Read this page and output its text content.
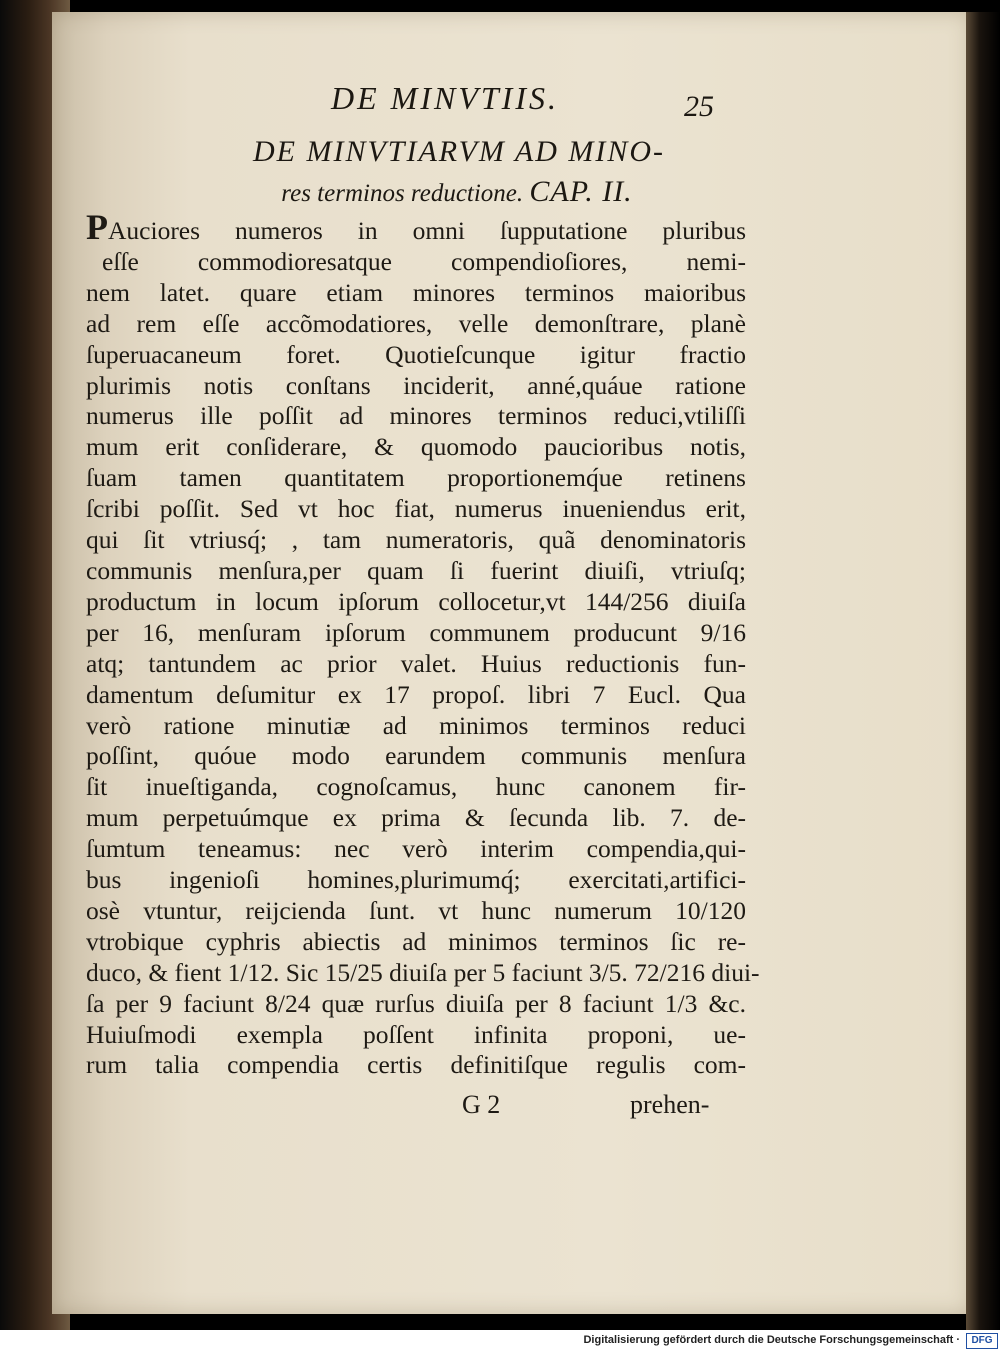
DE MINVTIIS.	25
DE MINVTIARVM AD MINO-
res terminos reductione. CAP. II.
PAuciores numeros in omni ſupputatione pluribus
eſſe commodioresatque compendioſiores, nemi-
nem latet. quare etiam minores terminos maioribus
ad rem eſſe accõmodatiores, velle demonſtrare, planè
ſuperuacaneum foret. Quotieſcunque igitur fractio
plurimis notis conſtans inciderit, anné,quáue ratione
numerus ille poſſit ad minores terminos reduci,vtiliſſi
mum erit conſiderare, & quomodo paucioribus notis,
ſuam tamen quantitatem proportionemq́ue retinens
ſcribi poſſit. Sed vt hoc fiat, numerus inueniendus erit,
qui ſit vtriusq́; , tam numeratoris, quã denominatoris
communis menſura,per quam ſi fuerint diuiſi, vtriuſq;
productum in locum ipſorum collocetur,vt 144/256 diuiſa
per 16, menſuram ipſorum communem producunt 9/16
atq; tantundem ac prior valet. Huius reductionis fun-
damentum deſumitur ex 17 propoſ. libri 7 Eucl. Qua
verò ratione minutiæ ad minimos terminos reduci
poſſint, quóue modo earundem communis menſura
ſit inueſtiganda, cognoſcamus, hunc canonem fir-
mum perpetuúmque ex prima & ſecunda lib. 7. de-
ſumtum teneamus: nec verò interim compendia,qui-
bus ingenioſi homines,plurimumq́; exercitati,artifici-
osè vtuntur, reijcienda ſunt. vt hunc numerum 10/120
vtrobique cyphris abiectis ad minimos terminos ſic re-
duco, & fient 1/12. Sic 15/25 diuiſa per 5 faciunt 3/5. 72/216 diui-
ſa per 9 faciunt 8/24 quæ rurſus diuiſa per 8 faciunt 1/3 &c.
Huiuſmodi exempla poſſent infinita proponi, ue-
rum talia compendia certis definitiſque regulis com-
G 2	prehen-
Digitalisierung gefördert durch die Deutsche Forschungsgemeinschaft ·	DFG
